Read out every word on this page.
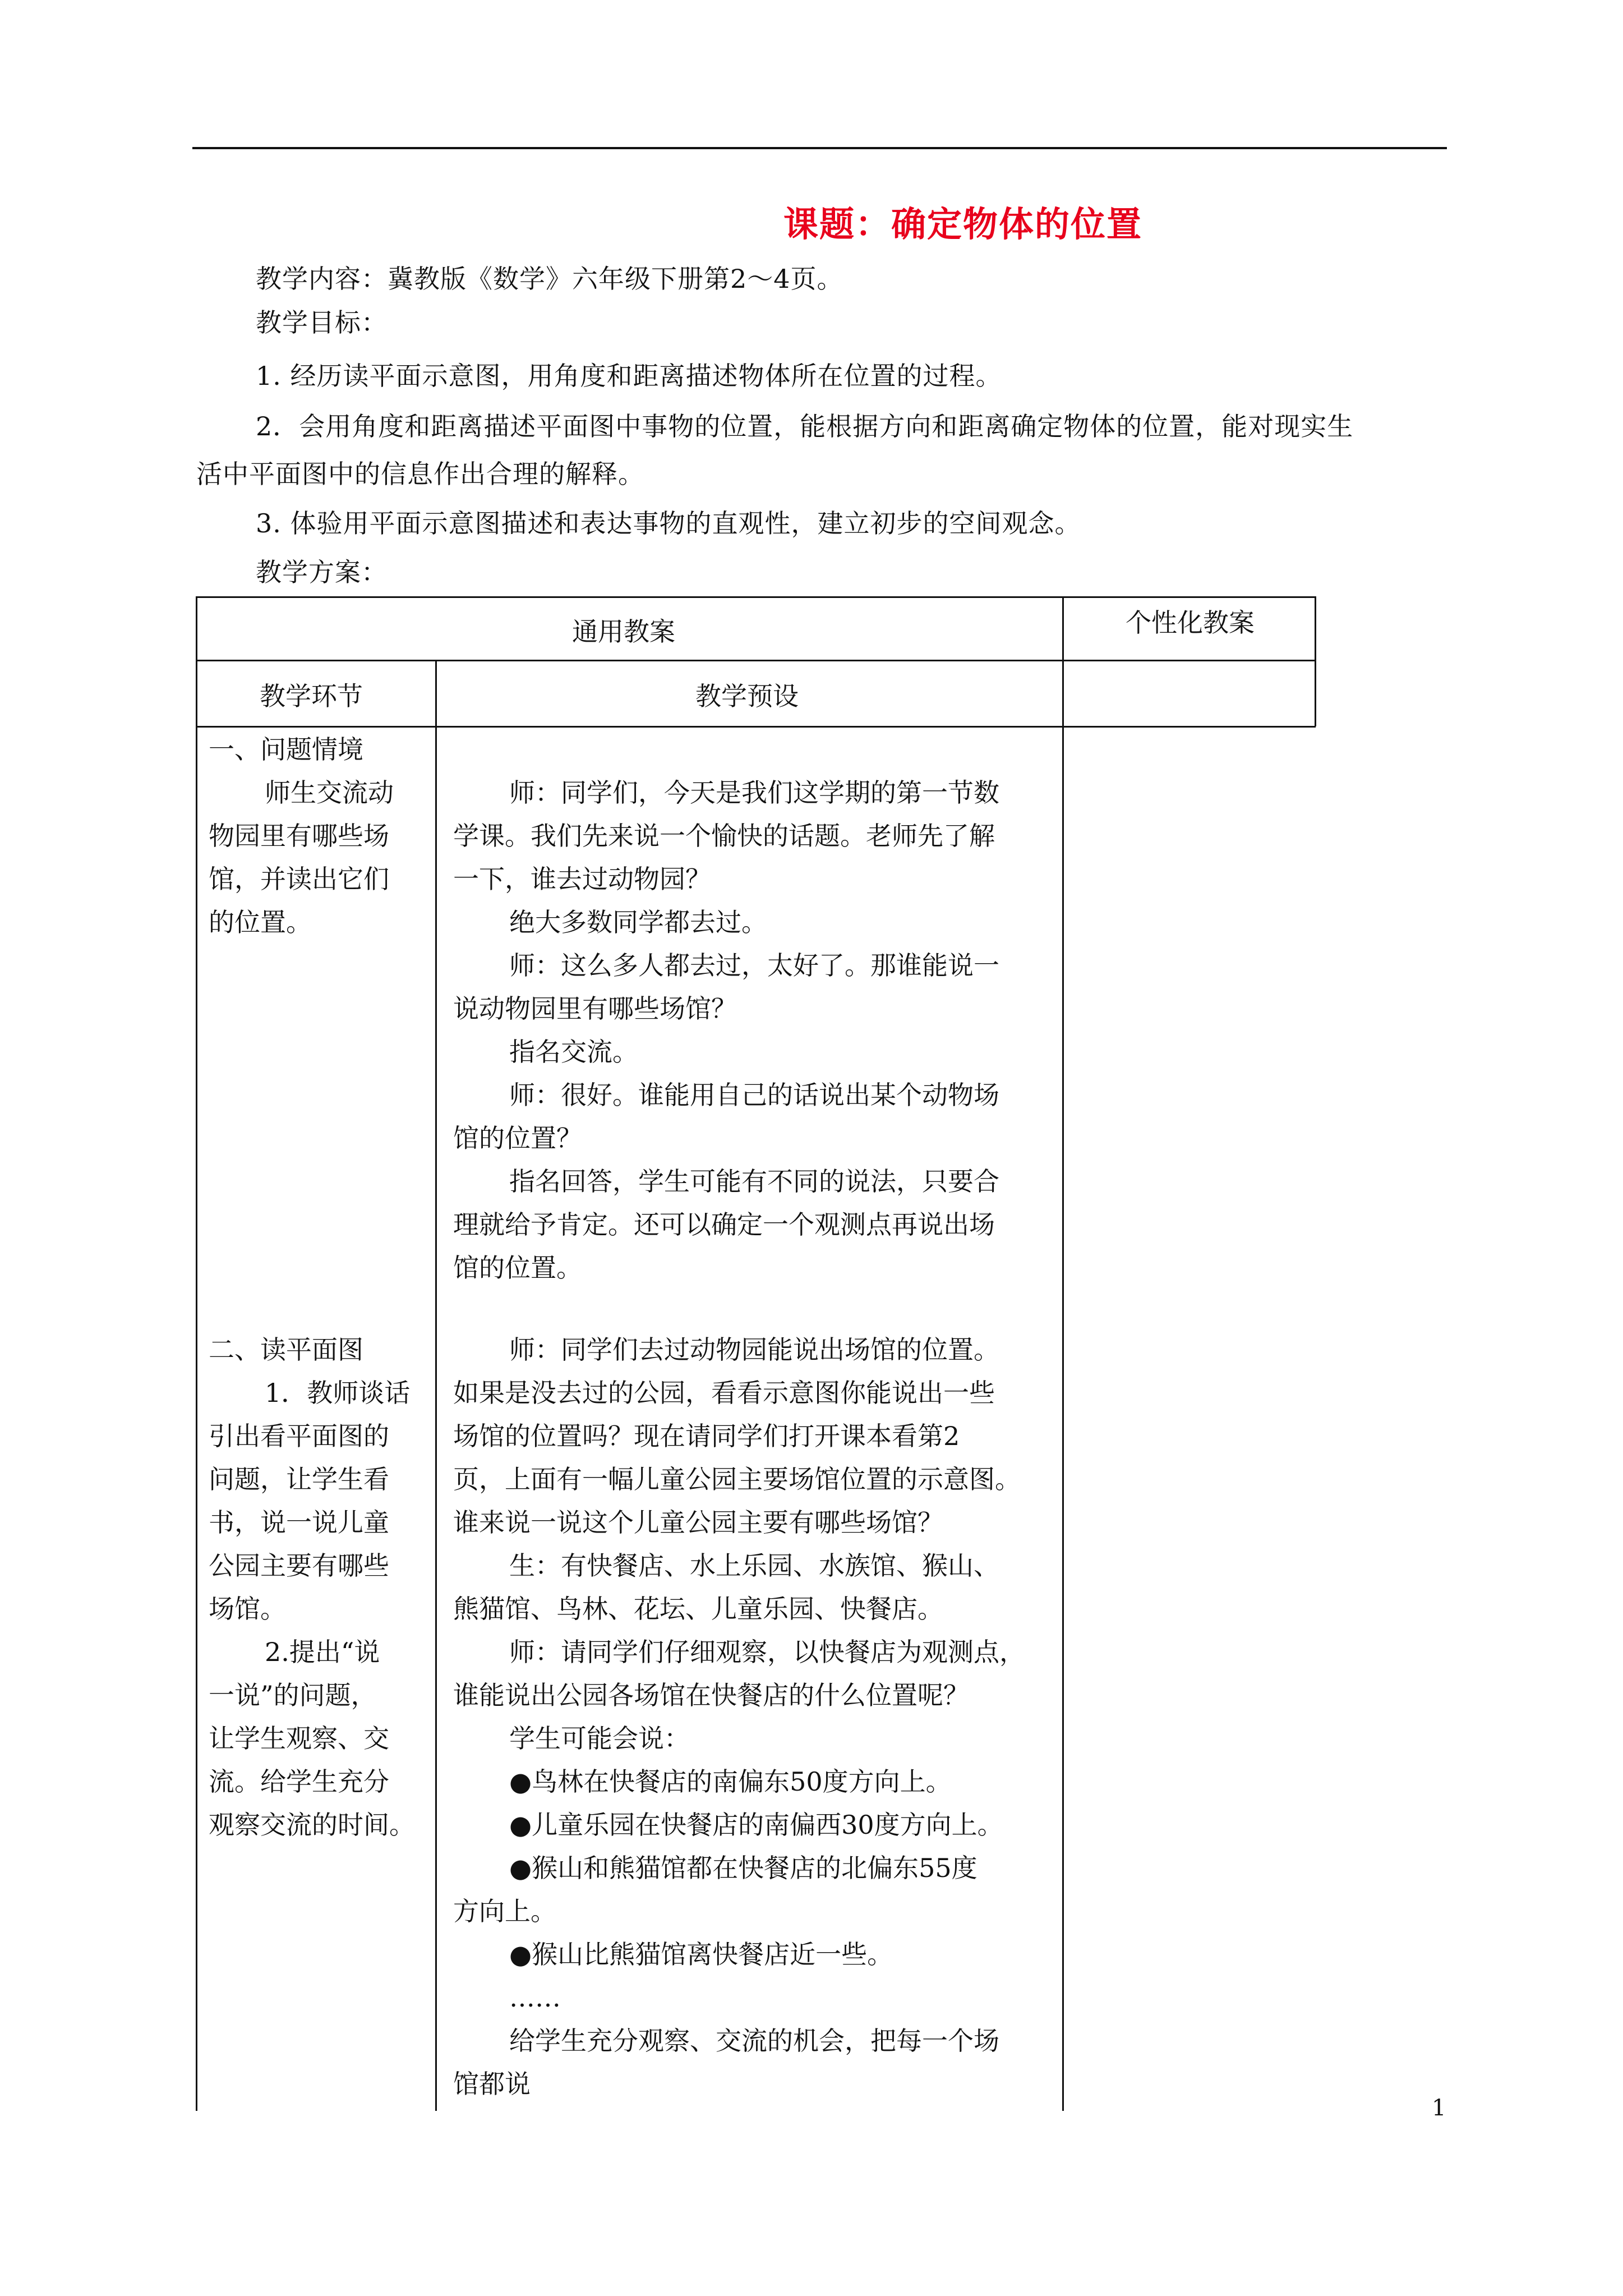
课题：确定物体的位置
教学内容：冀教版《数学》六年级下册第2～4页。
教学目标：
1. 经历读平面示意图，用角度和距离描述物体所在位置的过程。
2．会用角度和距离描述平面图中事物的位置，能根据方向和距离确定物体的位置，能对现实生
活中平面图中的信息作出合理的解释。
3. 体验用平面示意图描述和表达事物的直观性，建立初步的空间观念。
教学方案：
通用教案	个性化教案
教学环节	教学预设
一、问题情境
师生交流动
物园里有哪些场
馆，并读出它们
的位置。
二、读平面图
1．教师谈话
引出看平面图的
问题，让学生看
书，说一说儿童
公园主要有哪些
场馆。
2.提出“说
一说”的问题，
让学生观察、交
流。给学生充分
观察交流的时间。
师：同学们，今天是我们这学期的第一节数
学课。我们先来说一个愉快的话题。老师先了解
一下，谁去过动物园？
绝大多数同学都去过。
师：这么多人都去过，太好了。那谁能说一
说动物园里有哪些场馆？
指名交流。
师：很好。谁能用自己的话说出某个动物场
馆的位置？
指名回答，学生可能有不同的说法，只要合
理就给予肯定。还可以确定一个观测点再说出场
馆的位置。
师：同学们去过动物园能说出场馆的位置。
如果是没去过的公园，看看示意图你能说出一些
场馆的位置吗？现在请同学们打开课本看第2
页，上面有一幅儿童公园主要场馆位置的示意图。
谁来说一说这个儿童公园主要有哪些场馆？
生：有快餐店、水上乐园、水族馆、猴山、
熊猫馆、鸟林、花坛、儿童乐园、快餐店。
师：请同学们仔细观察，以快餐店为观测点，
谁能说出公园各场馆在快餐店的什么位置呢？
学生可能会说：
●鸟林在快餐店的南偏东50度方向上。
●儿童乐园在快餐店的南偏西30度方向上。
●猴山和熊猫馆都在快餐店的北偏东55度
方向上。
●猴山比熊猫馆离快餐店近一些。
……
给学生充分观察、交流的机会，把每一个场
馆都说
1
